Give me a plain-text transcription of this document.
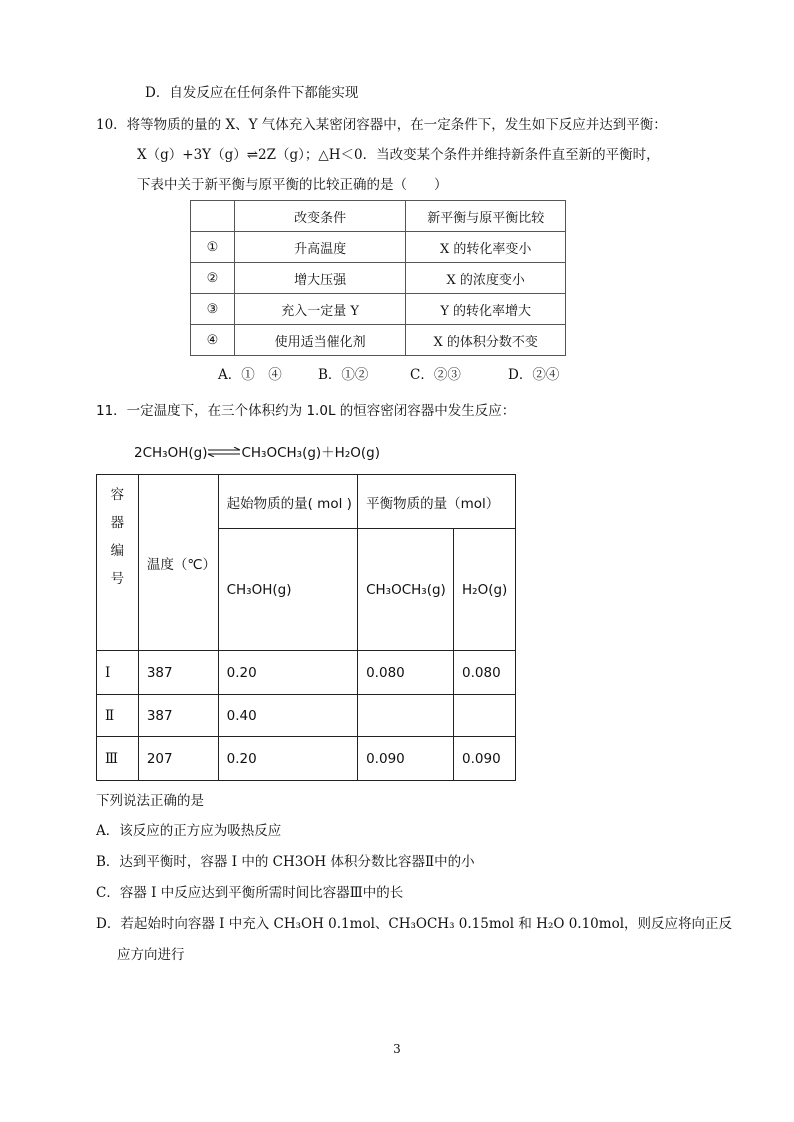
D．自发反应在任何条件下都能实现
10．将等物质的量的 X、Y 气体充入某密闭容器中，在一定条件下，发生如下反应并达到平衡：
X（g）+3Y（g）⇌2Z（g）；△H＜0．当改变某个条件并维持新条件直至新的平衡时，
下表中关于新平衡与原平衡的比较正确的是（　　）
	改变条件	新平衡与原平衡比较
①	升高温度	X 的转化率变小
②	增大压强	X 的浓度变小
③	充入一定量 Y	Y 的转化率增大
④	使用适当催化剂	X 的体积分数不变
A．①　④	B．①②	C．②③	D．②④
11．一定温度下，在三个体积约为 1.0L 的恒容密闭容器中发生反应：
2CH₃OH(g)⇌CH₃OCH₃(g)＋H₂O(g)
容
器
编
号	温度（℃）	起始物质的量( mol )	平衡物质的量（mol）	
		CH₃OH(g)	CH₃OCH₃(g)	H₂O(g)
I	387	0.20	0.080	0.080
Ⅱ	387	0.40		
Ⅲ	207	0.20	0.090	0.090
下列说法正确的是
A．该反应的正方应为吸热反应
B．达到平衡时，容器 I 中的 CH3OH 体积分数比容器Ⅱ中的小
C．容器 I 中反应达到平衡所需时间比容器Ⅲ中的长
D．若起始时向容器 I 中充入 CH₃OH 0.1mol、CH₃OCH₃ 0.15mol 和 H₂O 0.10mol，则反应将向正反
应方向进行
3
